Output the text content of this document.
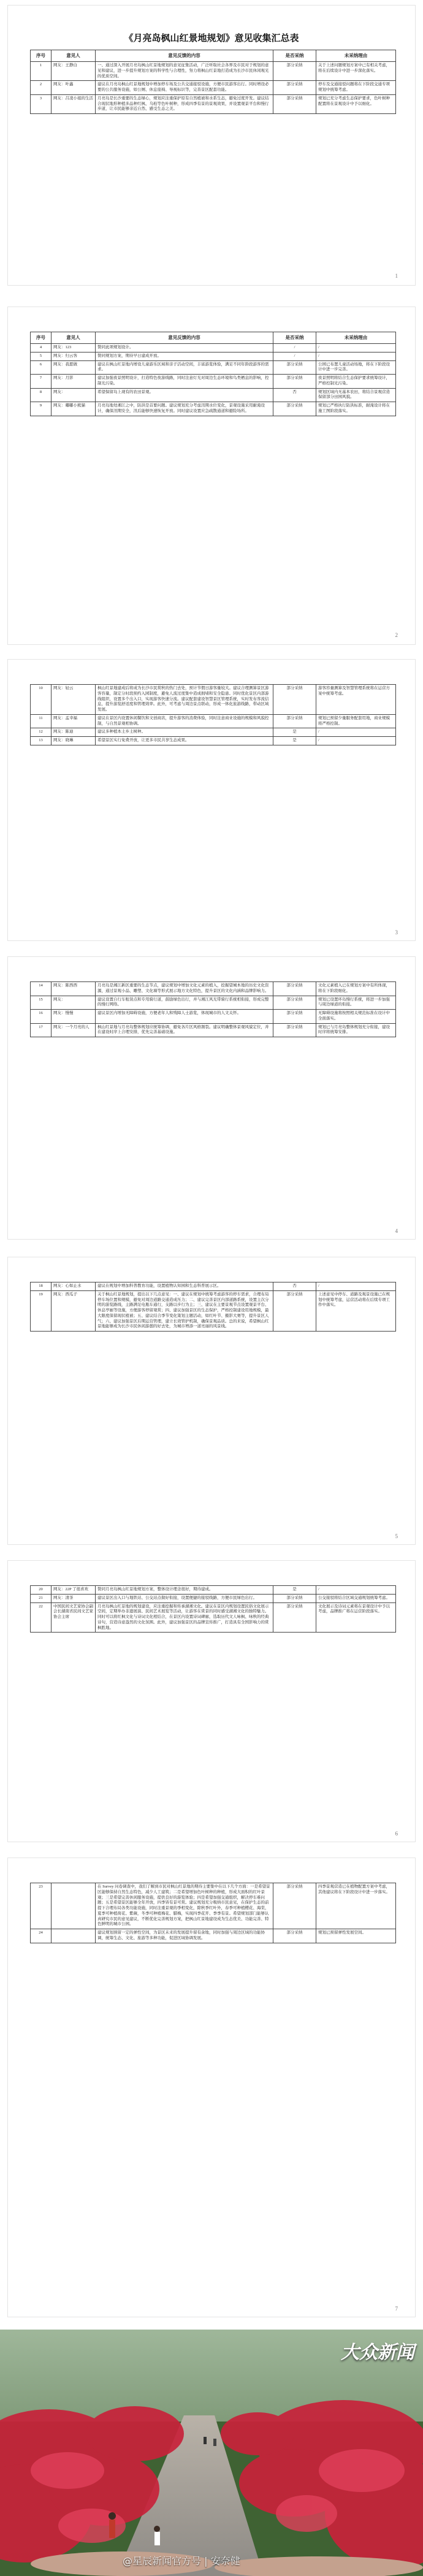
《月亮岛枫山红景地规划》意见收集汇总表
序号	意见人	意见反馈的内容	是否采纳	未采纳理由
1	网友：王静白	一、通过深入开展月亮岛枫山红景地规划的意见征集活动，广泛听取社会各界及市民对于规划的意见和建议，进一步提升规划方案的科学性与合理性，努力将枫山红景地打造成为长沙市民休闲观光的优质空间。	部分采纳	关于上述问题规划方案中已有相关考虑，将在后续设计中进一步深化落实。
2	网友：叶鑫	建议在月亮岛枫山红景地规划中增加停车场及公共交通接驳设施，方便市民游客出行。同时增设必要的公共服务设施，如公厕、休息座椅、导视标识等，完善景区配套功能。	部分采纳	停车及交通接驳问题将在下阶段交通专项规划中统筹考虑。
3	网友：吕凌小姐的生活	月亮岛是长沙重要的生态绿心，规划应注重保护原有自然植被和水系生态，避免过度开发。建议结合现状地形种植多品种红枫、乌桕等色叶树种，形成四季有景的景观效果，并设置观景平台和慢行步道，让市民能够亲近自然、感受生态之美。	部分采纳	规划已充分考虑生态保护要求，色叶树种配置将在景观设计中予以细化。
1
序号	意见人	意见反馈的内容	是否采纳	未采纳理由
4	网友：123	赞同此项规划设计。	/	/
5	网友：归云客	赞同规划方案，期待早日建成开放。	/	/
6	网友：我愿做	建议在枫山红景地内增设儿童游乐区域和亲子活动空间，丰富游览体验，满足不同年龄段游客的需求。	部分采纳	公园已布置儿童活动场地，将在下阶段设计中进一步完善。
7	网友：月影	建议加强夜景照明设计，打造特色夜游线路，同时注意灯光对周边生态环境和鸟类栖息的影响，控制光污染。	部分采纳	夜景照明将结合生态保护要求统筹设计，严格控制光污染。
8	网友：	希望保留岛上现有的农田景观。	否	规划区域内无基本农田，将结合景观营造保留部分田园风貌。
9	网友：嘟嘟小熊猫	月亮岛地处湘江之中，防洪是首要问题。建议规划充分考虑汛期水位变化，景观设施采用耐淹设计，确保汛期安全，汛后能够快速恢复开放。同时建议设置应急疏散通道和避险场所。	部分采纳	规划已严格执行防洪标准，耐淹设计将在施工图阶段落实。
2
10	网友：轻云	枫山红景地建成后将成为长沙市民赏秋的热门去处，预计节假日游客量较大。建议合理测算景区游客容量，制定分时段预约入园制度，避免人流过度集中造成拥堵和安全隐患。同时优化景区内部游线组织，设置多个出入口，实现游客快速分流。建议配套建设智慧景区管理系统，实时发布客流信息，提升游览舒适度和管理效率。此外，可考虑与周边景点联动，形成一体化旅游线路，带动区域发展。	部分采纳	游客容量测算及智慧管理系统将在运营方案中统筹考虑。
11	网友：孟幸福	建议在景区内设置休闲餐饮和文创商店，提升游客的消费体验，同时注意商业设施的规模和风貌控制，与自然景观相协调。	部分采纳	规划已预留少量服务配套用地，商业规模将严格控制。
12	网友：陈迪	建议多种植本土乡土树种。	是	/
13	网友：晓琳	希望景区实行免费开放，让更多市民共享生态成果。	是	/
3
14	网友：陈西西	月亮岛是湘江新区重要的生态节点，建议规划中增加文化元素的植入，挖掘望城本地的历史文化资源，通过景观小品、雕塑、文化墙等形式展示地方文化特色，提升景区的文化内涵和品牌影响力。	部分采纳	文化元素植入已在规划方案中有所体现，将在下阶段细化。
15	网友：	建议设置自行车租赁点和专用骑行道，鼓励绿色出行，并与湘江风光带骑行系统相衔接，形成完整的慢行网络。	部分采纳	规划已设置环岛慢行系统，将进一步加强与周边绿道的衔接。
16	网友：慢慢	建议景区内增加无障碍设施，方便老年人和残障人士游览，体现城市的人文关怀。	部分采纳	无障碍设施将按照相关规范标准在设计中全面落实。
17	网友：一个月亮的人	枫山红景地与月亮岛整体规划应统筹协调，避免各片区风格割裂。建议明确整体景观风貌定位，并在建设时序上合理安排，优先完善基础设施。	部分采纳	规划已与月亮岛整体规划充分衔接，建设时序将统筹安排。
4
18	网友：心如止水	建议在规划中增加科普教育功能，设置植物认知园和生态科普展示区。	否	/
19	网友：西瓜子	关于枫山红景地规划，提出以下几点意见：一、建议在规划中统筹考虑游客的停车需求，合理布局停车场位置和规模，避免对周边道路交通造成压力；二、建议完善景区内部道路系统，设置主次分明的游览路线，主路满足电瓶车通行，支路以步行为主；三、建议在主要景观节点设置观景平台、休息亭廊等设施，方便游客停留观赏；四、建议加强景区的生态保护，严格控制建设用地规模，最大限度保留现状植被；五、建议结合季节变化策划主题活动，如红叶节、摄影大赛等，提升景区人气；六、建议加强景区后期运营管理，建立长效管护机制，确保景观品质。总的来说，希望枫山红景地能够成为长沙市民休闲游憩的好去处，为城市增添一道亮丽的风景线。	部分采纳	上述意见中停车、道路及观景设施已在规划中统筹考虑，运营活动将在后续专项工作中落实。
5
20	网友：22P 了很喜欢	赞同月亮岛枫山红景地规划方案，整体设计理念很好，期待建成。	是	/
21	网友：清茶	建议景区出入口与地铁站、公交站点做好衔接，设置便捷的接驳线路，方便市民绿色出行。	部分采纳	公交接驳将结合区域交通规划统筹考虑。
22	中国民间文艺家协会副会长湖南省民间文艺家协会主席	月亮岛枫山红景地的规划建设，应注重挖掘和传承湖湘文化。建议在景区内规划设置民俗文化展示空间，定期举办非遗展演、民间艺术展览等活动，让游客在赏景的同时感受湖湘文化的独特魅力。同时可以将红枫文化与诗词文化相结合，在景区内设置诗词碑廊，选取历代文人咏枫、咏秋的经典诗句，营造诗意盎然的文化氛围。此外，建议加强景区的品牌宣传推广，打造具有全国影响力的赏枫胜地。	部分采纳	文化展示及诗词元素将在景观设计中予以考虑，品牌推广将在运营阶段落实。
6
23		在 Survey 问卷调查中，我们了解到市民对枫山红景地的期待主要集中在以下几个方面：一是希望景区能够保持自然生态特色，减少人工建筑；二是希望增加色叶树种的种植，形成大面积的红叶景观；三是希望完善休闲服务设施，提供良好的游览体验；四是希望加强交通组织，解决停车难问题；五是希望景区能够全年开放，四季皆有景可赏。建议规划充分吸纳市民意见，在保护生态的前提下合理布局各类功能设施，同时注重景观的季相变化，除秋季红叶外，春季可种植樱花、海棠，夏季可种植荷花、紫薇，冬季可种植梅花、腊梅，实现四季花开、季季有景。希望规划部门能够认真研究市民的意见建议，不断优化完善规划方案，把枫山红景地建设成为生态优美、功能完善、特色鲜明的城市公园。	部分采纳	四季景观营造已在植物配置方案中考虑，其他建议将在下阶段设计中进一步落实。
24		建议规划预留一定的弹性空间，为景区未来的发展提升留有余地，同时加强与周边区域的功能协调，统筹生态、文化、旅游等多种功能，促进区域协调发展。	部分采纳	规划已预留弹性发展空间。
7
大众新闻
@星辰新闻官方号 | 安奈健
